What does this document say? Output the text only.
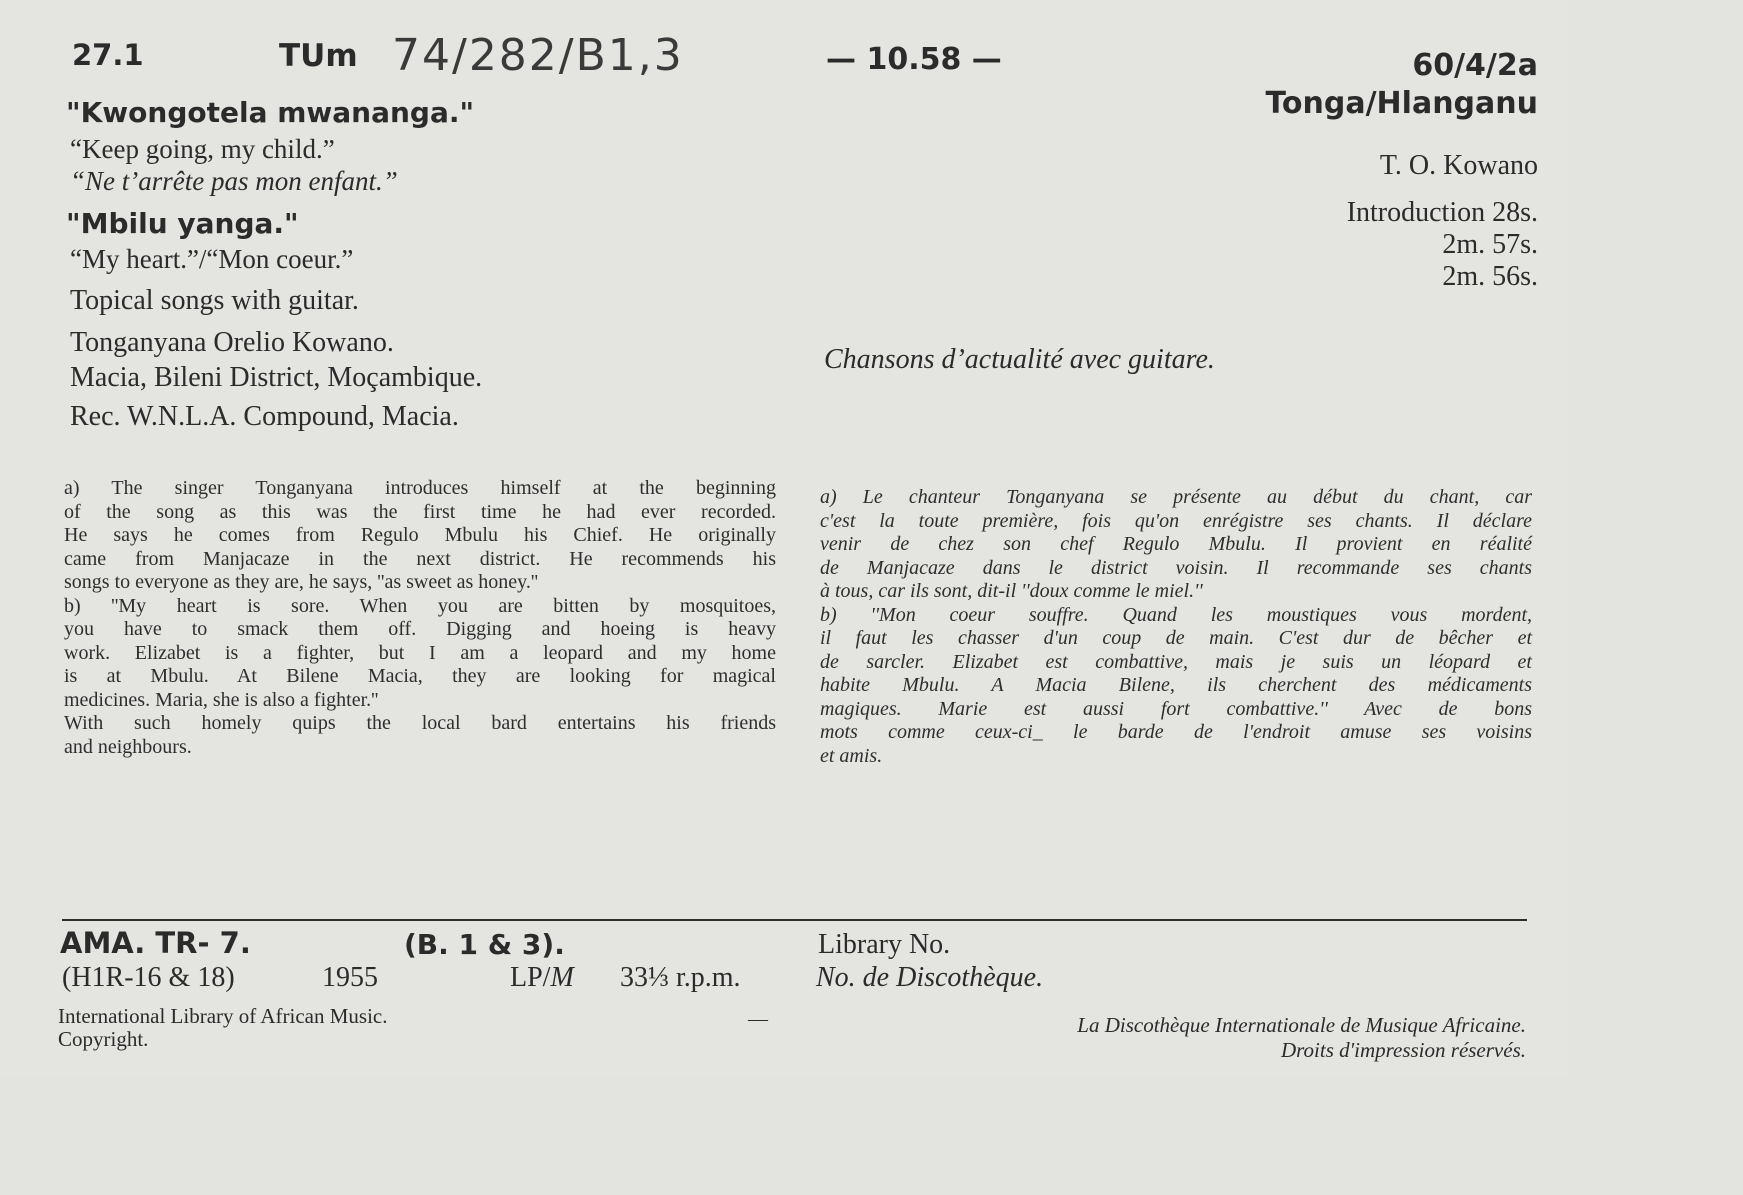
27.1	TUm 74/282/B1,3	— 10.58 —	60/4/2a
Tonga/Hlanganu
"Kwongotela mwananga."
“Keep going, my child.”
“Ne t’arrête pas mon enfant.”
"Mbilu yanga."
“My heart.”/“Mon coeur.”
Topical songs with guitar.
Tonganyana Orelio Kowano.
Macia, Bileni District, Moçambique.
Rec. W.N.L.A. Compound, Macia.
T. O. Kowano
Introduction 28s.
2m. 57s.
2m. 56s.
Chansons d’actualité avec guitare.
a) The singer Tonganyana introduces himself at the beginning
of the song as this was the first time he had ever recorded.
He says he comes from Regulo Mbulu his Chief. He originally
came from Manjacaze in the next district. He recommends his
songs to everyone as they are, he says, ''as sweet as honey.''
b) ''My heart is sore. When you are bitten by mosquitoes,
you have to smack them off. Digging and hoeing is heavy
work. Elizabet is a fighter, but I am a leopard and my home
is at Mbulu. At Bilene Macia, they are looking for magical
medicines. Maria, she is also a fighter.''
With such homely quips the local bard entertains his friends
and neighbours.
a) Le chanteur Tonganyana se présente au début du chant, car
c'est la toute première, fois qu'on enrégistre ses chants. Il déclare
venir de chez son chef Regulo Mbulu. Il provient en réalité
de Manjacaze dans le district voisin. Il recommande ses chants
à tous, car ils sont, dit-il ''doux comme le miel.''
b) ''Mon coeur souffre. Quand les moustiques vous mordent,
il faut les chasser d'un coup de main. C'est dur de bêcher et
de sarcler. Elizabet est combattive, mais je suis un léopard et
habite Mbulu. A Macia Bilene, ils cherchent des médicaments
magiques. Marie est aussi fort combattive.'' Avec de bons
mots comme ceux-ci_ le barde de l'endroit amuse ses voisins
et amis.
AMA. TR- 7.	(B. 1 & 3).
(H1R-16 & 18)	1955	LP/M 33⅓ r.p.m.
Library No.
No. de Discothèque.
International Library of African Music.
Copyright.
—	La Discothèque Internationale de Musique Africaine.
Droits d'impression réservés.
